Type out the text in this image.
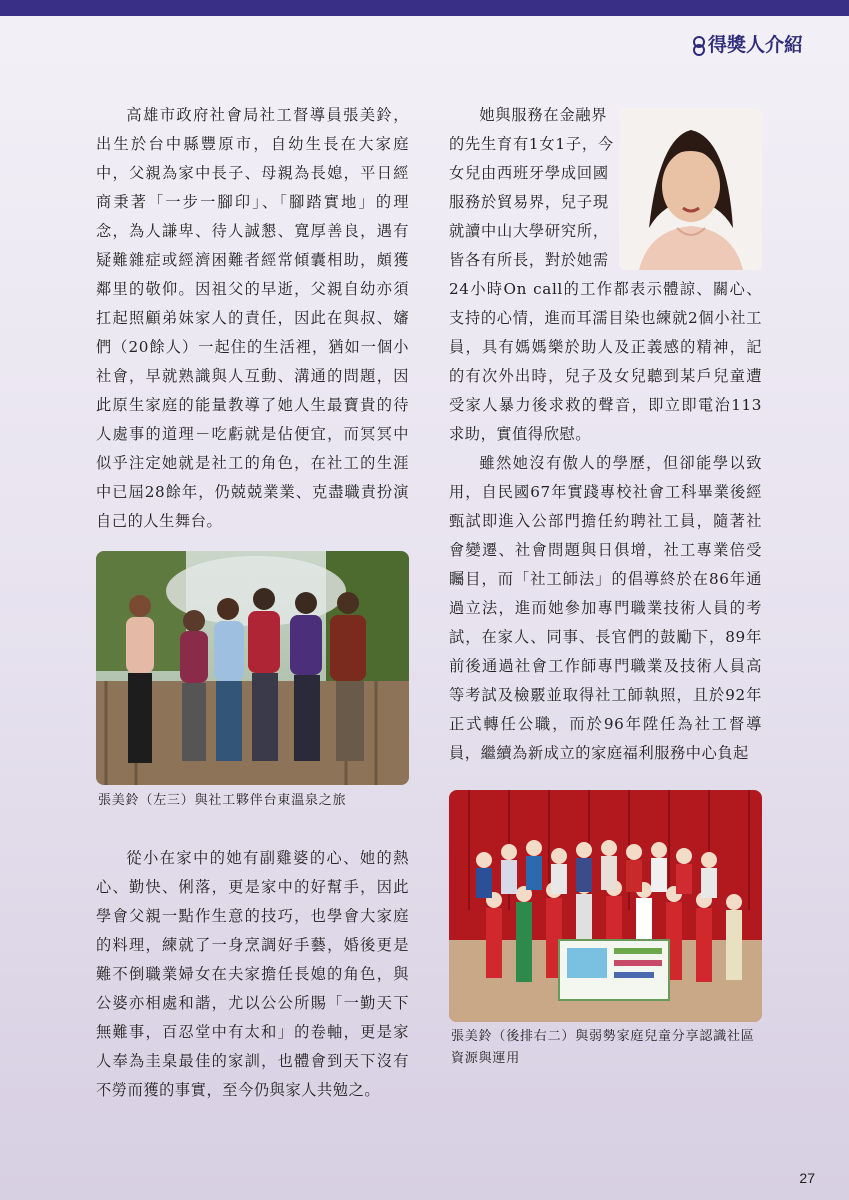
得獎人介紹

高雄市政府社會局社工督導員張美鈴，出生於台中縣豐原市，自幼生長在大家庭中，父親為家中長子、母親為長媳，平日經商秉著「一步一腳印」、「腳踏實地」的理念，為人謙卑、待人誠懇、寬厚善良，遇有疑難雜症或經濟困難者經常傾囊相助，頗獲鄰里的敬仰。因祖父的早逝，父親自幼亦須扛起照顧弟妹家人的責任，因此在與叔、嬸們（20餘人）一起住的生活裡，猶如一個小社會，早就熟識與人互動、溝通的問題，因此原生家庭的能量教導了她人生最寶貴的待人處事的道理－吃虧就是佔便宜，而冥冥中似乎注定她就是社工的角色，在社工的生涯中已屆28餘年，仍兢兢業業、克盡職責扮演自己的人生舞台。

張美鈴（左三）與社工夥伴台東溫泉之旅

從小在家中的她有副雞婆的心、她的熱心、勤快、俐落，更是家中的好幫手，因此學會父親一點作生意的技巧，也學會大家庭的料理，練就了一身烹調好手藝，婚後更是難不倒職業婦女在夫家擔任長媳的角色，與公婆亦相處和諧，尤以公公所賜「一勤天下無難事，百忍堂中有太和」的卷軸，更是家人奉為圭臬最佳的家訓，也體會到天下沒有不勞而獲的事實，至今仍與家人共勉之。

她與服務在金融界

的先生育有1女1子，今

女兒由西班牙學成回國

服務於貿易界，兒子現

就讀中山大學研究所，

皆各有所長，對於她需

24小時On call的工作都表示體諒、關心、支持的心情，進而耳濡目染也練就2個小社工員，具有媽媽樂於助人及正義感的精神，記的有次外出時，兒子及女兒聽到某戶兒童遭受家人暴力後求救的聲音，即立即電治113求助，實值得欣慰。

雖然她沒有傲人的學歷，但卻能學以致用，自民國67年實踐專校社會工科畢業後經甄試即進入公部門擔任約聘社工員，隨著社會變遷、社會問題與日俱增，社工專業倍受矚目，而「社工師法」的倡導終於在86年通過立法，進而她參加專門職業技術人員的考試，在家人、同事、長官們的鼓勵下，89年前後通過社會工作師專門職業及技術人員高等考試及檢覈並取得社工師執照，且於92年正式轉任公職，而於96年陞任為社工督導員，繼續為新成立的家庭福利服務中心負起

張美鈴（後排右二）與弱勢家庭兒童分享認識社區資源與運用
27
